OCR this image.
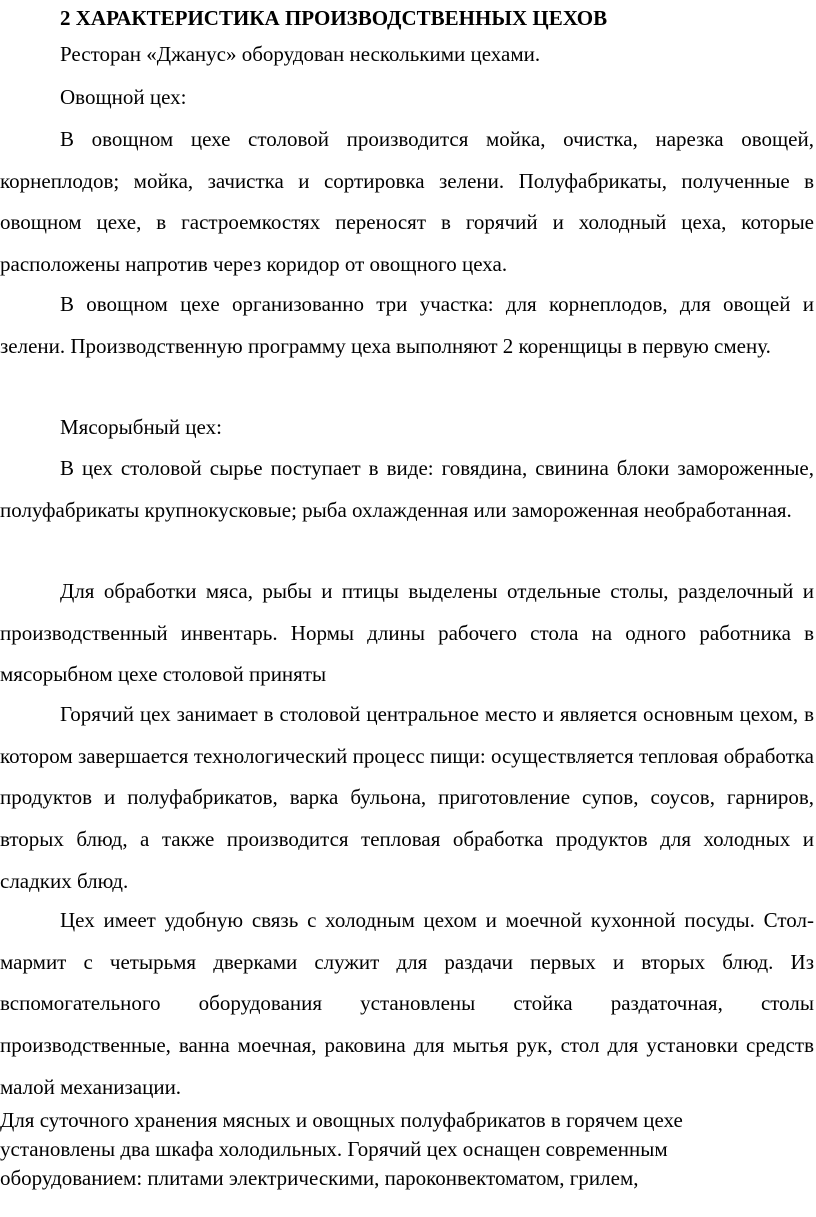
2 ХАРАКТЕРИСТИКА ПРОИЗВОДСТВЕННЫХ ЦЕХОВ

Ресторан «Джанус» оборудован несколькими цехами.

Овощной цех:

В овощном цехе столовой производится мойка, очистка, нарезка овощей, корнеплодов; мойка, зачистка и сортировка зелени. Полуфабрикаты, полученные в овощном цехе, в гастроемкостях переносят в горячий и холодный цеха, которые расположены напротив через коридор от овощного цеха.

В овощном цехе организованно три участка: для корнеплодов, для овощей и зелени. Производственную программу цеха выполняют 2 коренщицы в первую смену.

Мясорыбный цех:

В цех столовой сырье поступает в виде: говядина, свинина блоки замороженные, полуфабрикаты крупнокусковые; рыба охлажденная или замороженная необработанная.

Для обработки мяса, рыбы и птицы выделены отдельные столы, разделочный и производственный инвентарь. Нормы длины рабочего стола на одного работника в мясорыбном цехе столовой приняты

Горячий цех занимает в столовой центральное место и является основным цехом, в котором завершается технологический процесс пищи: осуществляется тепловая обработка продуктов и полуфабрикатов, варка бульона, приготовление супов, соусов, гарниров, вторых блюд, а также производится тепловая обработка продуктов для холодных и сладких блюд.

Цех имеет удобную связь с холодным цехом и моечной кухонной посуды. Стол-мармит с четырьмя дверками служит для раздачи первых и вторых блюд. Из вспомогательного оборудования установлены стойка раздаточная, столы производственные, ванна моечная, раковина для мытья рук, стол для установки средств малой механизации.

Для суточного хранения мясных и овощных полуфабрикатов в горячем цехе установлены два шкафа холодильных. Горячий цех оснащен современным оборудованием: плитами электрическими, пароконвектоматом, грилем,
